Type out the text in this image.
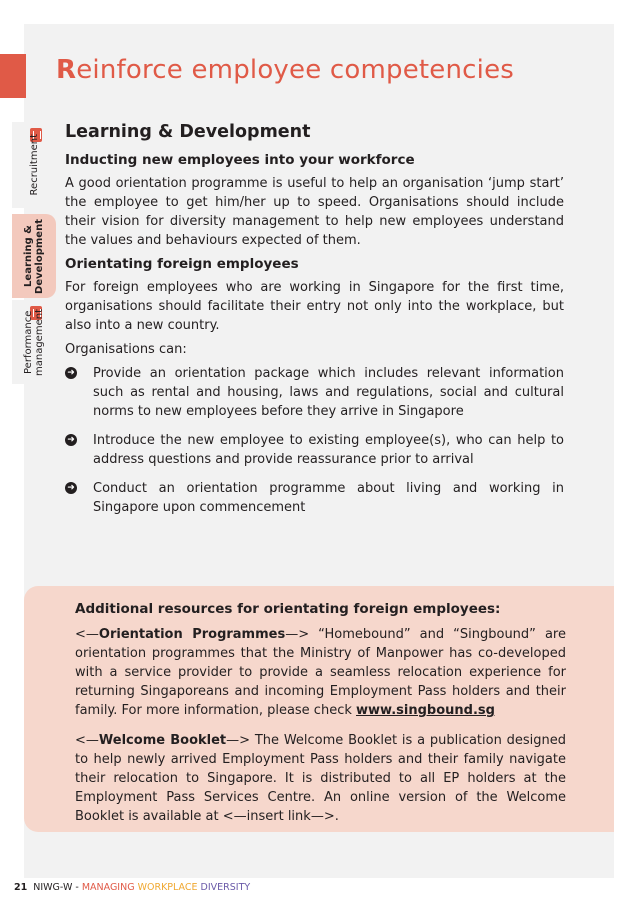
Reinforce employee competencies
Recruitment
Learning &
Development
Performance
management
Learning & Development
Inducting new employees into your workforce

A good orientation programme is useful to help an organisation ‘jump start’ the employee to get him/her up to speed. Organisations should include their vision for diversity management to help new employees understand the values and behaviours expected of them.

Orientating foreign employees

For foreign employees who are working in Singapore for the first time, organisations should facilitate their entry not only into the workplace, but also into a new country.

Organisations can:

➜ Provide an orientation package which includes relevant information such as rental and housing, laws and regulations, social and cultural norms to new employees before they arrive in Singapore
➜ Introduce the new employee to existing employee(s), who can help to address questions and provide reassurance prior to arrival
➜ Conduct an orientation programme about living and working in Singapore upon commencement
Additional resources for orientating foreign employees:

<—Orientation Programmes—> “Homebound” and “Singbound” are orientation programmes that the Ministry of Manpower has co-developed with a service provider to provide a seamless relocation experience for returning Singaporeans and incoming Employment Pass holders and their family. For more information, please check www.singbound.sg

<—Welcome Booklet—> The Welcome Booklet is a publication designed to help newly arrived Employment Pass holders and their family navigate their relocation to Singapore. It is distributed to all EP holders at the Employment Pass Services Centre. An online version of the Welcome Booklet is available at <—insert link—>.

21 NIWG-W - MANAGING WORKPLACE DIVERSITY
